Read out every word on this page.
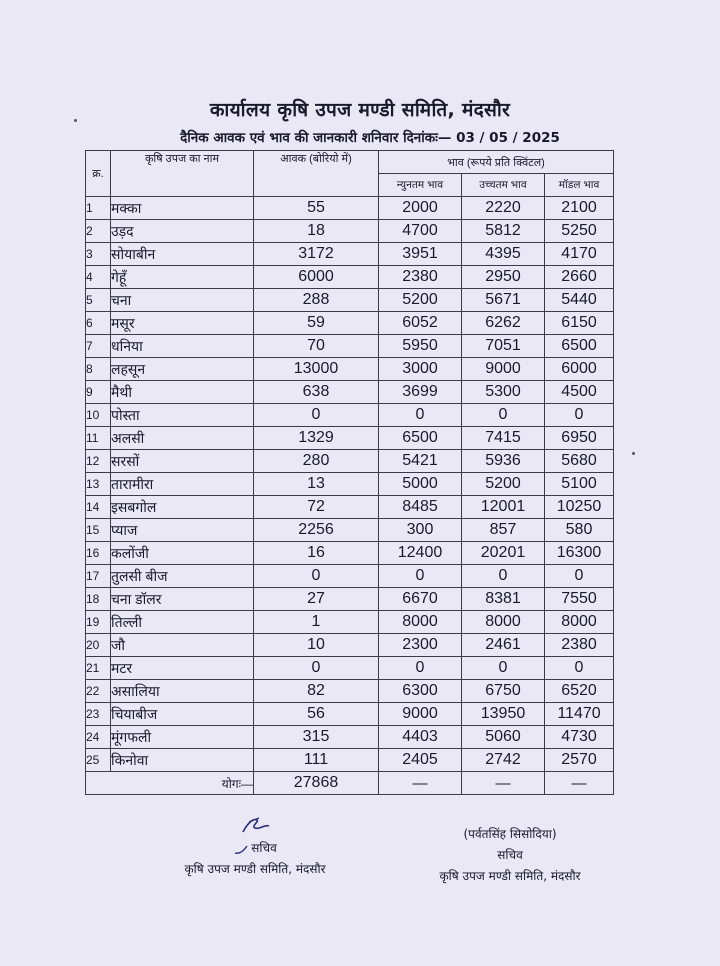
कार्यालय कृषि उपज मण्डी समिति, मंदसौर
दैनिक आवक एवं भाव की जानकारी शनिवार दिनांकः— 03 / 05 / 2025
क्र.	कृषि उपज का नाम	आवक (बोरियो में)	भाव (रूपये प्रति क्विंटल)		
			न्युनतम भाव	उच्चतम भाव	मॉडल भाव
1	मक्का	55	2000	2220	2100
2	उड़द	18	4700	5812	5250
3	सोयाबीन	3172	3951	4395	4170
4	गेहूँ	6000	2380	2950	2660
5	चना	288	5200	5671	5440
6	मसूर	59	6052	6262	6150
7	धनिया	70	5950	7051	6500
8	लहसून	13000	3000	9000	6000
9	मैथी	638	3699	5300	4500
10	पोस्ता	0	0	0	0
11	अलसी	1329	6500	7415	6950
12	सरसों	280	5421	5936	5680
13	तारामीरा	13	5000	5200	5100
14	इसबगोल	72	8485	12001	10250
15	प्याज	2256	300	857	580
16	कलोंजी	16	12400	20201	16300
17	तुलसी बीज	0	0	0	0
18	चना डॉलर	27	6670	8381	7550
19	तिल्ली	1	8000	8000	8000
20	जौ	10	2300	2461	2380
21	मटर	0	0	0	0
22	असालिया	82	6300	6750	6520
23	चियाबीज	56	9000	13950	11470
24	मूंगफली	315	4403	5060	4730
25	किनोवा	111	2405	2742	2570
योगः—		27868	—	—	—
सचिव
कृषि उपज मण्डी समिति, मंदसौर
(पर्वतसिंह सिसोदिया)
सचिव
कृषि उपज मण्डी समिति, मंदसौर
